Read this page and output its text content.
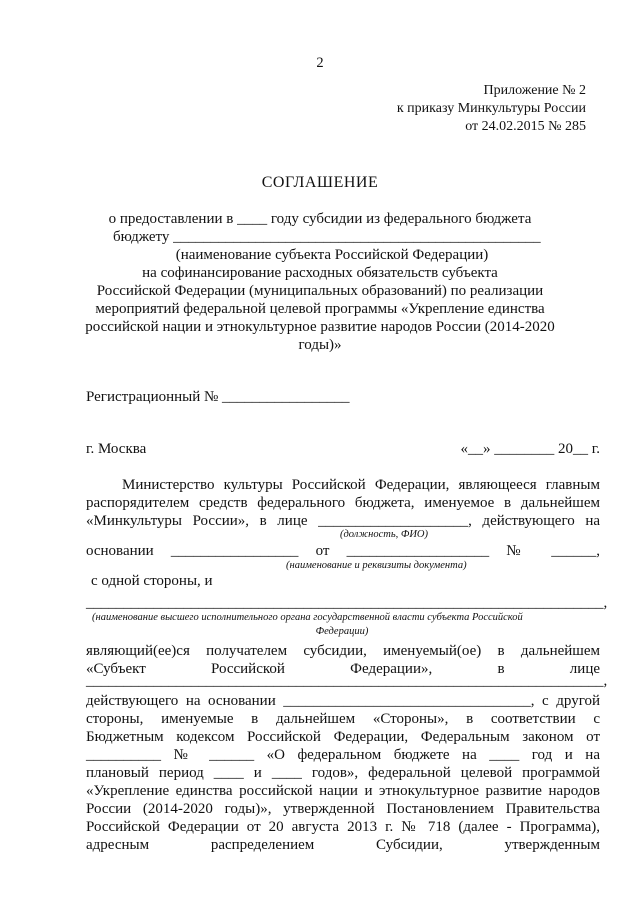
2
Приложение № 2
к приказу Минкультуры России
от 24.02.2015 № 285
СОГЛАШЕНИЕ
о предоставлении в ____ году субсидии из федерального бюджета
бюджету _________________________________________________
(наименование субъекта Российской Федерации)
на софинансирование расходных обязательств субъекта
Российской Федерации (муниципальных образований) по реализации
мероприятий федеральной целевой программы «Укрепление единства
российской нации и этнокультурное развитие народов России (2014-2020
годы)»
Регистрационный № _________________
г. Москва	«__» ________ 20__ г.
Министерство культуры Российской Федерации, являющееся главным
распорядителем средств федерального бюджета, именуемое в дальнейшем
«Минкультуры России», в лице ____________________, действующего на
(должность, ФИО)
основании _________________ от ___________________ № ______,
(наименование и реквизиты документа)
с одной стороны, и
_____________________________________________________________________,
(наименование высшего исполнительного органа государственной власти субъекта Российской
Федерации)
являющий(ее)ся получателем субсидии, именуемый(ое) в дальнейшем
«Субъект Российской Федерации», в лице
_____________________________________________________________________,
действующего на основании _________________________________, с другой
стороны, именуемые в дальнейшем «Стороны», в соответствии с
Бюджетным кодексом Российской Федерации, Федеральным законом от
__________ № ______ «О федеральном бюджете на ____ год и на
плановый период ____ и ____ годов», федеральной целевой программой
«Укрепление единства российской нации и этнокультурное развитие народов
России (2014-2020 годы)», утвержденной Постановлением Правительства
Российской Федерации от 20 августа 2013 г. № 718 (далее - Программа),
адресным распределением Субсидии, утвержденным
